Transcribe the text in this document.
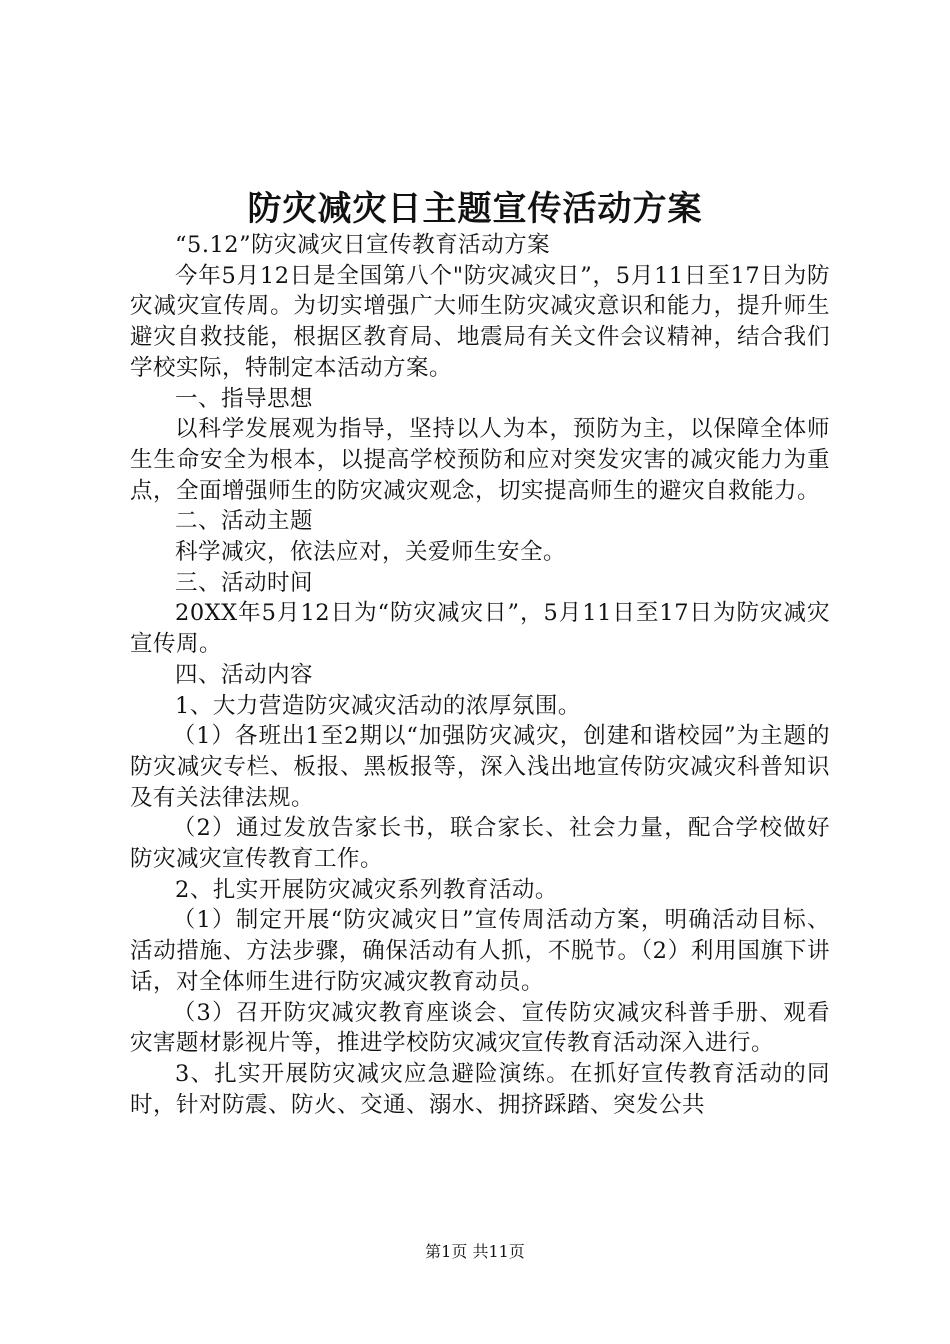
防灾减灾日主题宣传活动方案

“5.12”防灾减灾日宣传教育活动方案

今年5月12日是全国第八个"防灾减灾日”，5月11日至17日为防灾减灾宣传周。为切实增强广大师生防灾减灾意识和能力，提升师生避灾自救技能，根据区教育局、地震局有关文件会议精神，结合我们学校实际，特制定本活动方案。

一、指导思想

以科学发展观为指导，坚持以人为本，预防为主，以保障全体师生生命安全为根本，以提高学校预防和应对突发灾害的减灾能力为重点，全面增强师生的防灾减灾观念，切实提高师生的避灾自救能力。

二、活动主题

科学减灾，依法应对，关爱师生安全。

三、活动时间

20XX年5月12日为“防灾减灾日”，5月11日至17日为防灾减灾宣传周。

四、活动内容

1、大力营造防灾减灾活动的浓厚氛围。

（1）各班出1至2期以“加强防灾减灾，创建和谐校园”为主题的防灾减灾专栏、板报、黑板报等，深入浅出地宣传防灾减灾科普知识及有关法律法规。

（2）通过发放告家长书，联合家长、社会力量，配合学校做好防灾减灾宣传教育工作。

2、扎实开展防灾减灾系列教育活动。

（1）制定开展“防灾减灾日”宣传周活动方案，明确活动目标、活动措施、方法步骤，确保活动有人抓，不脱节。（2）利用国旗下讲话，对全体师生进行防灾减灾教育动员。

（3）召开防灾减灾教育座谈会、宣传防灾减灾科普手册、观看灾害题材影视片等，推进学校防灾减灾宣传教育活动深入进行。

3、扎实开展防灾减灾应急避险演练。在抓好宣传教育活动的同时，针对防震、防火、交通、溺水、拥挤踩踏、突发公共

第1页 共11页
